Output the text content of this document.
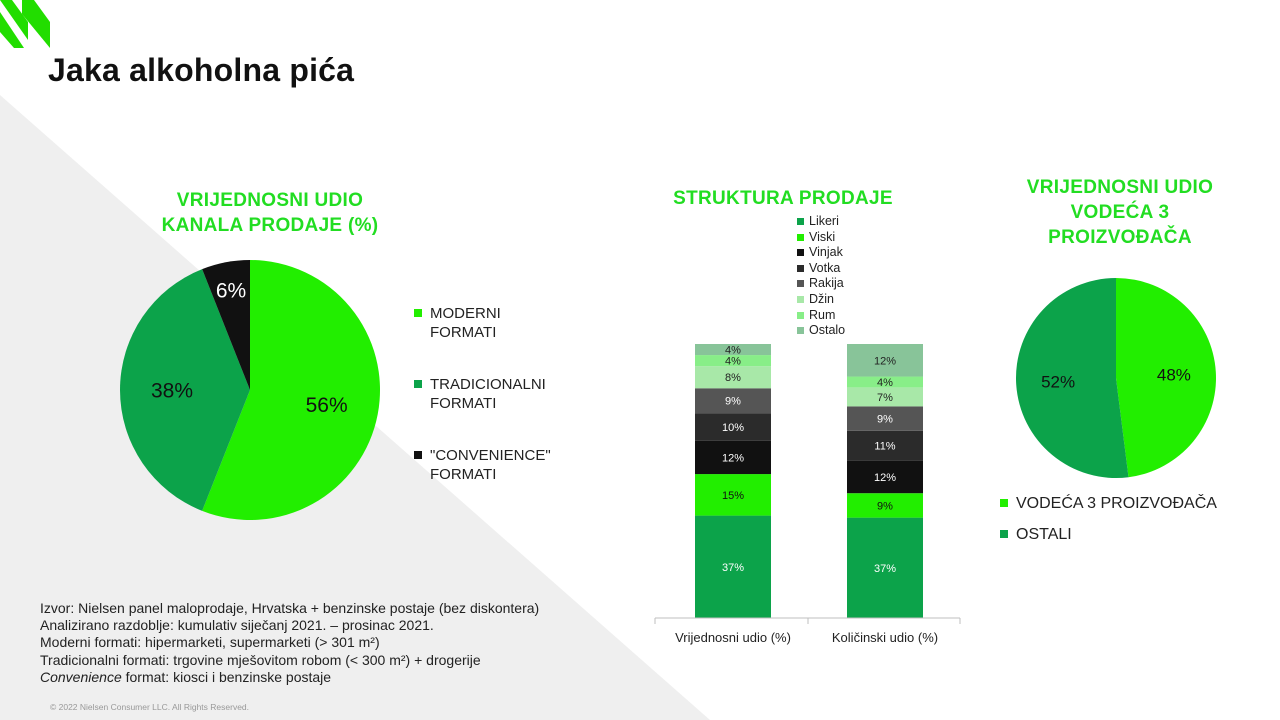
Jaka alkoholna pića
VRIJEDNOSNI UDIO
KANALA PRODAJE (%)
56%
38%
6%
MODERNI
FORMATI
TRADICIONALNI
FORMATI
"CONVENIENCE"
FORMATI
STRUKTURA PRODAJE
Likeri
Viski
Vinjak
Votka
Rakija
Džin
Rum
Ostalo
37%
15%
12%
10%
9%
8%
4%
4%
Vrijednosni udio (%)
37%
9%
12%
11%
9%
7%
4%
12%
Količinski udio (%)
VRIJEDNOSNI UDIO
VODEĆA 3
PROIZVOĐAČA
48%
52%
VODEĆA 3 PROIZVOĐAČA
OSTALI
Izvor: Nielsen panel maloprodaje, Hrvatska + benzinske postaje (bez diskontera)
Analizirano razdoblje: kumulativ siječanj 2021. – prosinac 2021.
Moderni formati: hipermarketi, supermarketi (> 301 m²)
Tradicionalni formati: trgovine mješovitom robom (< 300 m²) + drogerije
Convenience format: kiosci i benzinske postaje
© 2022 Nielsen Consumer LLC. All Rights Reserved.
